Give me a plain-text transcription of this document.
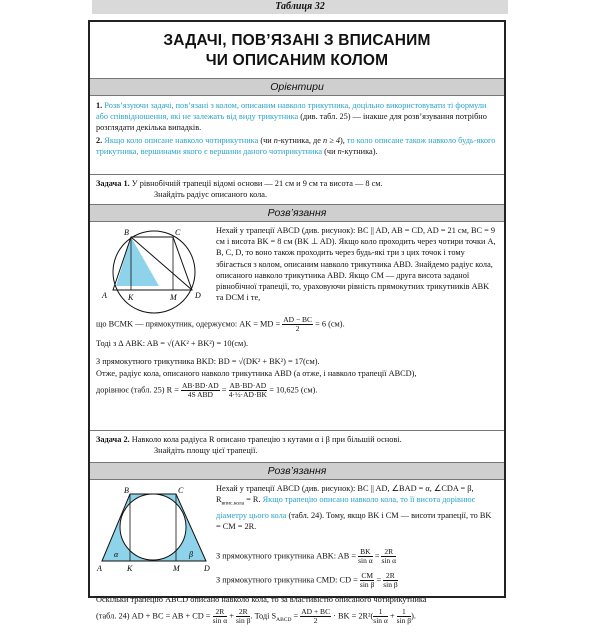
Таблиця 32
ЗАДАЧІ, ПОВ’ЯЗАНІ З ВПИСАНИМ
ЧИ ОПИСАНИМ КОЛОМ
Орієнтири

1. Розв’язуючи задачі, пов’язані з колом, описаним навколо трикутника, доцільно використовувати ті формули або співвідношення, які не залежать від виду трикутника (див. табл. 25) — інакше для розв’язування потрібно розглядати декілька випадків.

2. Якщо коло описане навколо чотирикутника (чи n-кутника, де n ≥ 4), то коло описане також навколо будь-якого трикутника, вершинами якого є вершини даного чотирикутника (чи n-кутника).

Задача 1. У рівнобічній трапеції відомі основи — 21 см и 9 см та висота — 8 см.
Знайдіть радіус описаного кола.
Розв’язання
B	C
A	K	M D
Нехай у трапеції ABCD (див. рисунок): BC || AD, AB = CD, AD = 21 см, BC = 9 см і висота BK = 8 см (BK ⊥ AD). Якщо коло проходить через чотири точки A, B, C, D, то воно також проходить через будь-які три з цих точок і тому збігається з колом, описаним навколо трикутника ABD. Знайдемо радіус кола, описаного навколо трикутника ABD. Якщо CM — друга висота заданої рівнобічної трапеції, то, ураховуючи рівність прямокутних трикутників ABK та DCM і те,
що BCMK — прямокутник, одержуємо: AK = MD = $\frac{AD - BC}{2} = 6$ (см).
Тоді з Δ ABK: AB = √(AK² + BK²) = 10(см).
З прямокутного трикутника BKD: BD = √(DK² + BK²) = 17(см).
Отже, радіус кола, описаного навколо трикутника ABD (а отже, і навколо трапеції ABCD),
дорівнює (табл. 25) $R = \frac{AB\cdot BD\cdot AD}{\text{4S ABD}} = \frac{AB\cdot BD\cdot AD}{\text{4·½·AD·BK}} = 10,625$ (см).
Задача 2. Навколо кола радіуса R описано трапецію з кутами α і β при більшій основі.
Знайдіть площу цієї трапеції.
Розв’язання
B	C
α	β
A	K	M	D
Нехай у трапеції ABCD (див. рисунок): BC || AD, ∠BAD = α, ∠CDA = β, $R_{впис.кола} = R$. Якщо трапецію описано навколо кола, то її висота дорівнює діаметру цього кола (табл. 24). Тому, якщо BK і CM — висоти трапеції, то BK = CM = 2R.
З прямокутного трикутника ABK: AB = $\frac{BK}{\text{sin α}} = \frac{2R}{\text{sin α}}$
З прямокутного трикутника CMD: CD = $\frac{CM}{\text{sin β}} = \frac{2R}{\text{sin β}}$
Оскільки трапецію ABCD описано навколо кола, то за властивістю описаного чотирикутника
(табл. 24) AD + BC = AB + CD = $\frac{2R}{\text{sin α}} + \frac{2R}{\text{sin β}}$ . Тоді $S_{ABCD} = \frac{AD + BC}{2}$ · BK = $2R^2( \frac{1}{\text{sin α}} + \frac{1}{\text{sin β}}$ ).
